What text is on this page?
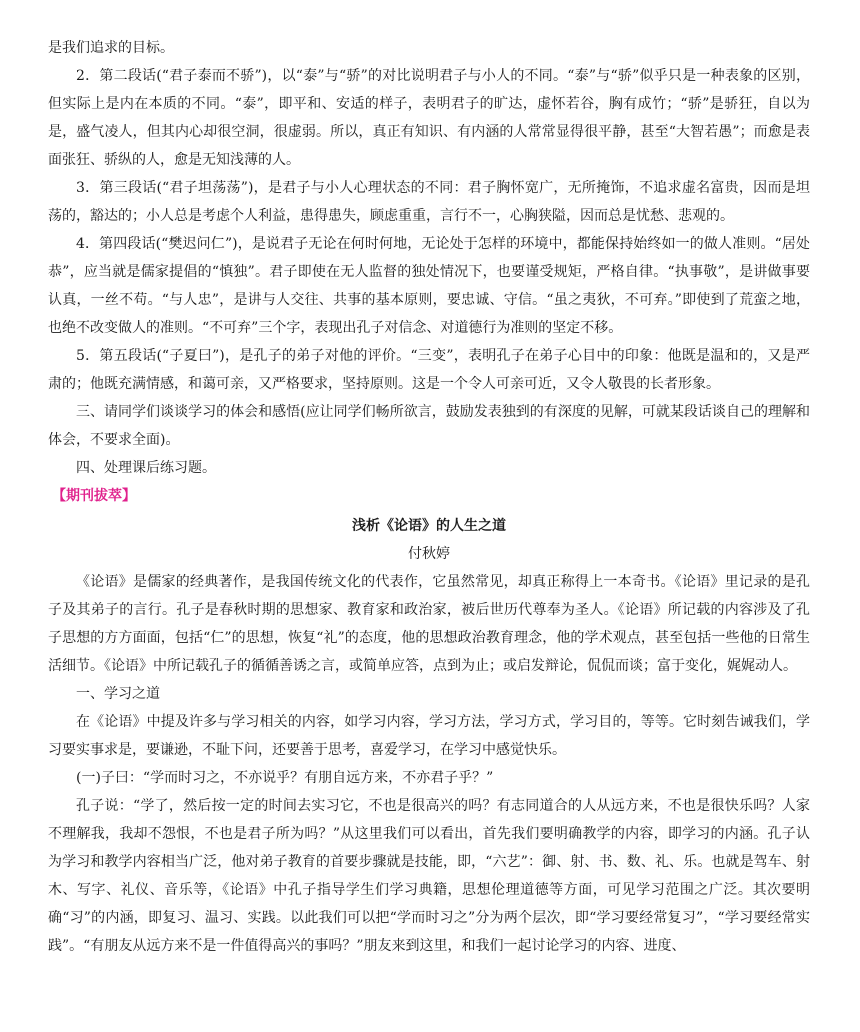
是我们追求的目标。

2．第二段话(“君子泰而不骄”)，以“泰”与“骄”的对比说明君子与小人的不同。“泰”与“骄”似乎只是一种表象的区别，但实际上是内在本质的不同。“泰”，即平和、安适的样子，表明君子的旷达，虚怀若谷，胸有成竹；“骄”是骄狂，自以为是，盛气凌人，但其内心却很空洞，很虚弱。所以，真正有知识、有内涵的人常常显得很平静，甚至“大智若愚”；而愈是表面张狂、骄纵的人，愈是无知浅薄的人。

3．第三段话(“君子坦荡荡”)，是君子与小人心理状态的不同：君子胸怀宽广，无所掩饰，不追求虚名富贵，因而是坦荡的，豁达的；小人总是考虑个人利益，患得患失，顾虑重重，言行不一，心胸狭隘，因而总是忧愁、悲观的。

4．第四段话(“樊迟问仁”)，是说君子无论在何时何地，无论处于怎样的环境中，都能保持始终如一的做人准则。“居处恭”，应当就是儒家提倡的“慎独”。君子即使在无人监督的独处情况下，也要谨受规矩，严格自律。“执事敬”，是讲做事要认真，一丝不苟。“与人忠”，是讲与人交往、共事的基本原则，要忠诚、守信。“虽之夷狄，不可弃。”即使到了荒蛮之地，也绝不改变做人的准则。“不可弃”三个字，表现出孔子对信念、对道德行为准则的坚定不移。

5．第五段话(“子夏曰”)，是孔子的弟子对他的评价。“三变”，表明孔子在弟子心目中的印象：他既是温和的，又是严肃的；他既充满情感，和蔼可亲，又严格要求，坚持原则。这是一个令人可亲可近，又令人敬畏的长者形象。

三、请同学们谈谈学习的体会和感悟(应让同学们畅所欲言，鼓励发表独到的有深度的见解，可就某段话谈自己的理解和体会，不要求全面)。

四、处理课后练习题。

【期刊拔萃】
浅析《论语》的人生之道
付秋婷

《论语》是儒家的经典著作，是我国传统文化的代表作，它虽然常见，却真正称得上一本奇书。《论语》里记录的是孔子及其弟子的言行。孔子是春秋时期的思想家、教育家和政治家，被后世历代尊奉为圣人。《论语》所记载的内容涉及了孔子思想的方方面面，包括“仁”的思想，恢复“礼”的态度，他的思想政治教育理念，他的学术观点，甚至包括一些他的日常生活细节。《论语》中所记载孔子的循循善诱之言，或简单应答，点到为止；或启发辩论，侃侃而谈；富于变化，娓娓动人。

一、学习之道

在《论语》中提及许多与学习相关的内容，如学习内容，学习方法，学习方式，学习目的，等等。它时刻告诫我们，学习要实事求是，要谦逊，不耻下问，还要善于思考，喜爱学习，在学习中感觉快乐。

(一)子曰：“学而时习之，不亦说乎？有朋自远方来，不亦君子乎？”

孔子说：“学了，然后按一定的时间去实习它，不也是很高兴的吗？有志同道合的人从远方来，不也是很快乐吗？人家不理解我，我却不怨恨，不也是君子所为吗？”从这里我们可以看出，首先我们要明确教学的内容，即学习的内涵。孔子认为学习和教学内容相当广泛，他对弟子教育的首要步骤就是技能，即，“六艺”：御、射、书、数、礼、乐。也就是驾车、射木、写字、礼仪、音乐等，《论语》中孔子指导学生们学习典籍，思想伦理道德等方面，可见学习范围之广泛。其次要明确“习”的内涵，即复习、温习、实践。以此我们可以把“学而时习之”分为两个层次，即“学习要经常复习”，“学习要经常实践”。“有朋友从远方来不是一件值得高兴的事吗？”朋友来到这里，和我们一起讨论学习的内容、进度、
